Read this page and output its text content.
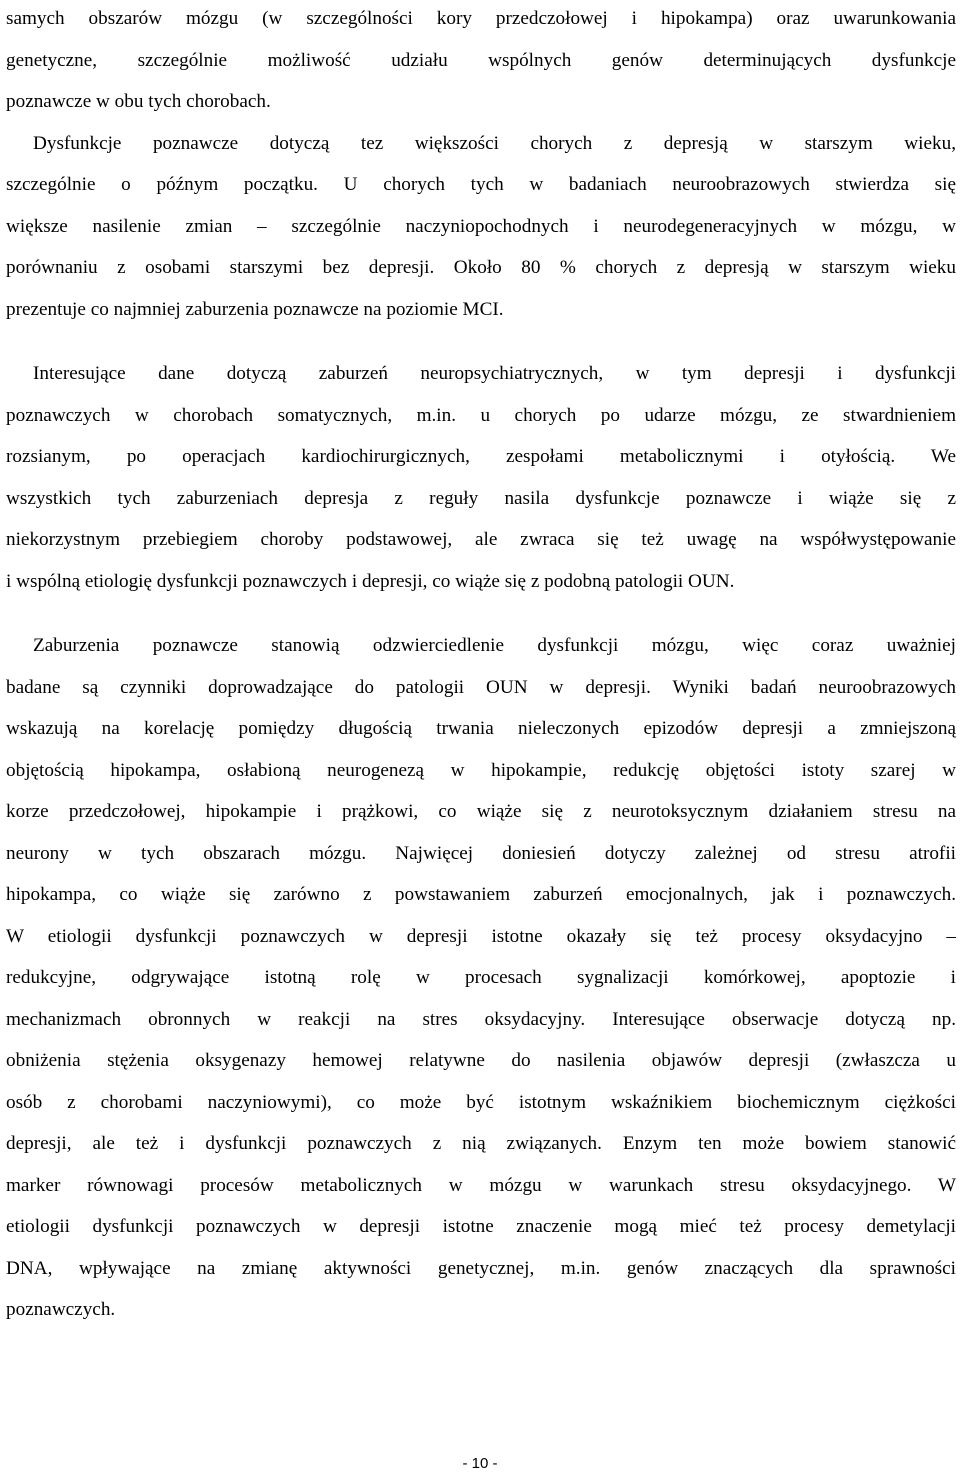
samych obszarów mózgu (w szczególności kory przedczołowej i hipokampa) oraz uwarunkowania
genetyczne, szczególnie możliwość udziału wspólnych genów determinujących dysfunkcje
poznawcze w obu tych chorobach.
Dysfunkcje poznawcze dotyczą tez większości chorych z depresją w starszym wieku,
szczególnie o późnym początku. U chorych tych w badaniach neuroobrazowych stwierdza się
większe nasilenie zmian – szczególnie naczyniopochodnych i neurodegeneracyjnych w mózgu, w
porównaniu z osobami starszymi bez depresji. Około 80 % chorych z depresją w starszym wieku
prezentuje co najmniej zaburzenia poznawcze na poziomie MCI.
Interesujące dane dotyczą zaburzeń neuropsychiatrycznych, w tym depresji i dysfunkcji
poznawczych w chorobach somatycznych, m.in. u chorych po udarze mózgu, ze stwardnieniem
rozsianym, po operacjach kardiochirurgicznych, zespołami metabolicznymi i otyłością. We
wszystkich tych zaburzeniach depresja z reguły nasila dysfunkcje poznawcze i wiąże się z
niekorzystnym przebiegiem choroby podstawowej, ale zwraca się też uwagę na współwystępowanie
i wspólną etiologię dysfunkcji poznawczych i depresji, co wiąże się z podobną patologii OUN.
Zaburzenia poznawcze stanowią odzwierciedlenie dysfunkcji mózgu, więc coraz uważniej
badane są czynniki doprowadzające do patologii OUN w depresji. Wyniki badań neuroobrazowych
wskazują na korelację pomiędzy długością trwania nieleczonych epizodów depresji a zmniejszoną
objętością hipokampa, osłabioną neurogenezą w hipokampie, redukcję objętości istoty szarej w
korze przedczołowej, hipokampie i prążkowi, co wiąże się z neurotoksycznym działaniem stresu na
neurony w tych obszarach mózgu. Najwięcej doniesień dotyczy zależnej od stresu atrofii
hipokampa, co wiąże się zarówno z powstawaniem zaburzeń emocjonalnych, jak i poznawczych.
W etiologii dysfunkcji poznawczych w depresji istotne okazały się też procesy oksydacyjno –
redukcyjne, odgrywające istotną rolę w procesach sygnalizacji komórkowej, apoptozie i
mechanizmach obronnych w reakcji na stres oksydacyjny. Interesujące obserwacje dotyczą np.
obniżenia stężenia oksygenazy hemowej relatywne do nasilenia objawów depresji (zwłaszcza u
osób z chorobami naczyniowymi), co może być istotnym wskaźnikiem biochemicznym ciężkości
depresji, ale też i dysfunkcji poznawczych z nią związanych. Enzym ten może bowiem stanowić
marker równowagi procesów metabolicznych w mózgu w warunkach stresu oksydacyjnego. W
etiologii dysfunkcji poznawczych w depresji istotne znaczenie mogą mieć też procesy demetylacji
DNA, wpływające na zmianę aktywności genetycznej, m.in. genów znaczących dla sprawności
poznawczych.
- 10 -
